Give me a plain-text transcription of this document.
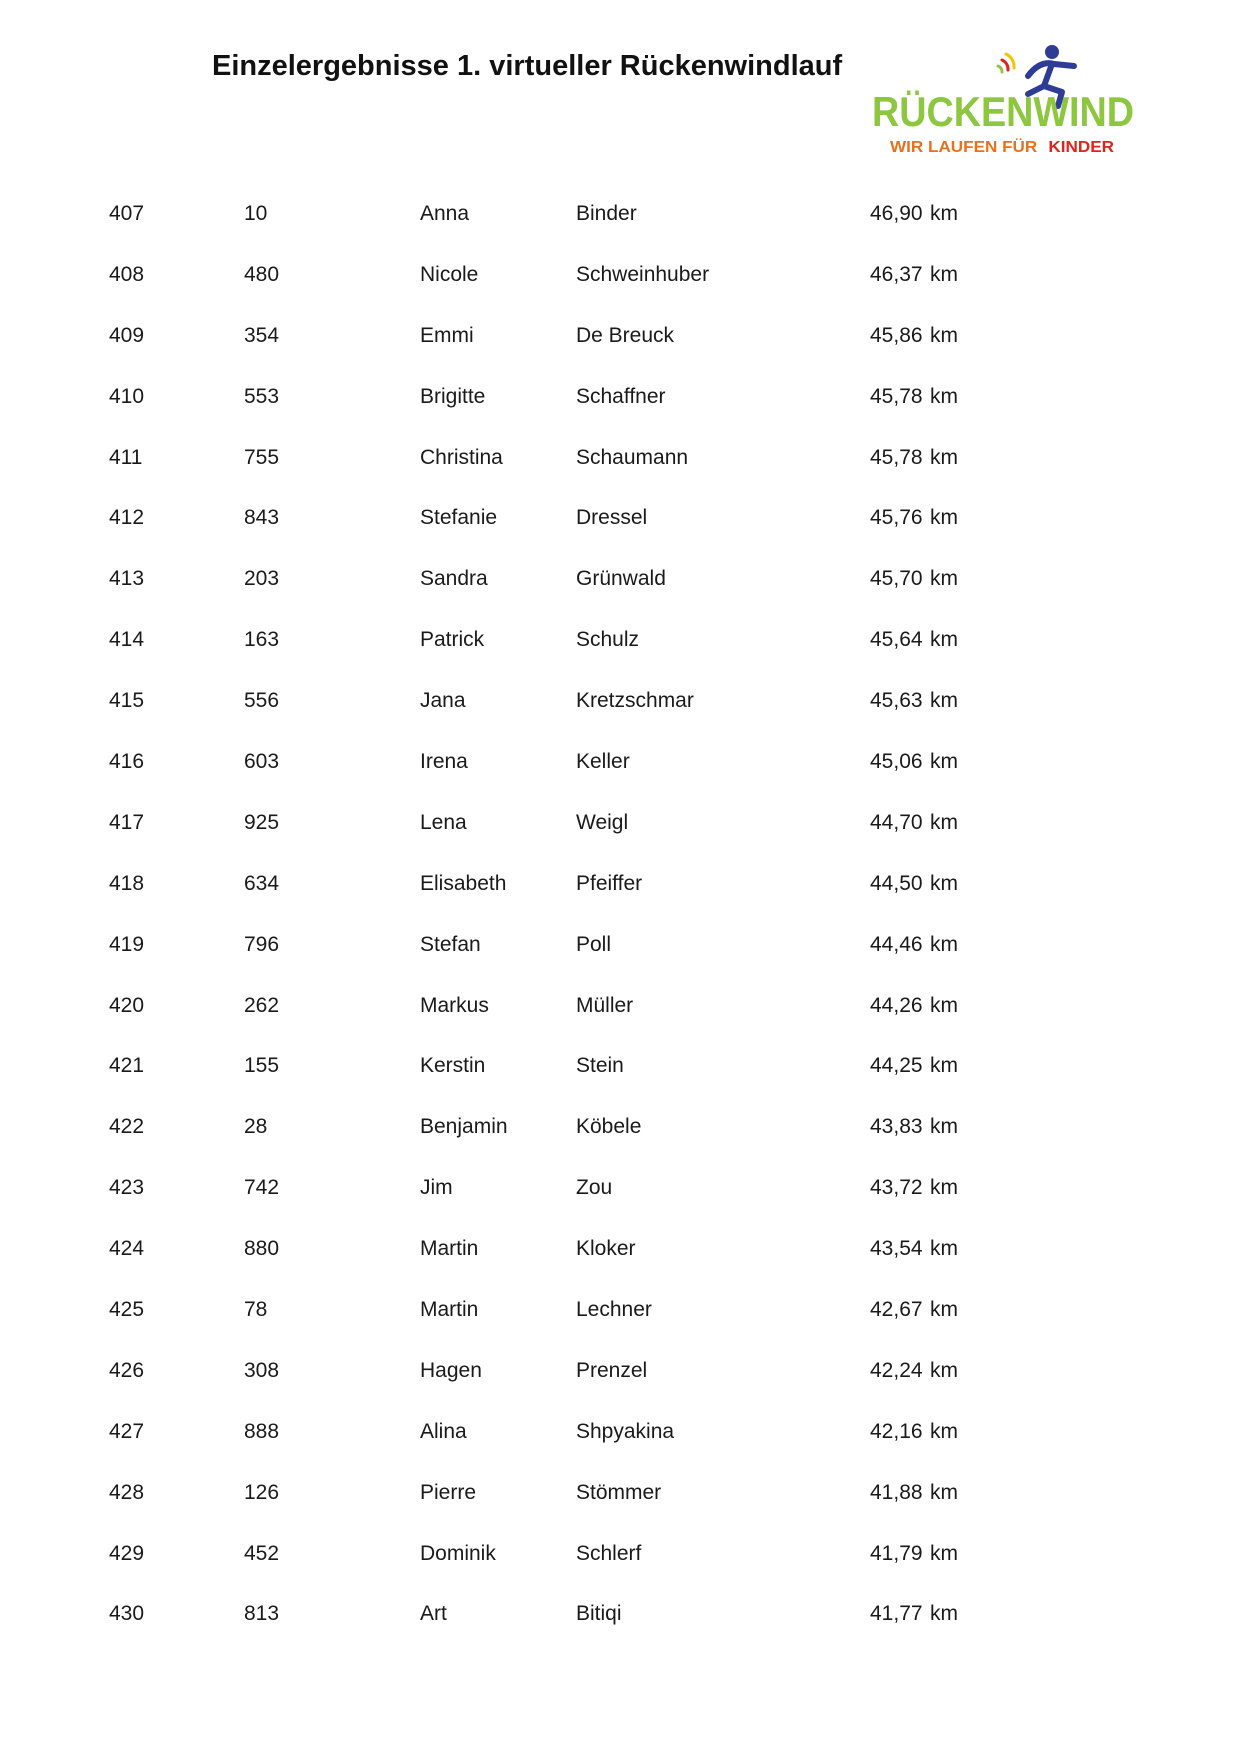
Einzelergebnisse 1. virtueller Rückenwindlauf
RÜCKENWIND
WIR LAUFEN FÜR KINDER
407	10	Anna	Binder	46,90 km
408	480	Nicole	Schweinhuber	46,37 km
409	354	Emmi	De Breuck	45,86 km
410	553	Brigitte	Schaffner	45,78 km
411	755	Christina	Schaumann	45,78 km
412	843	Stefanie	Dressel	45,76 km
413	203	Sandra	Grünwald	45,70 km
414	163	Patrick	Schulz	45,64 km
415	556	Jana	Kretzschmar	45,63 km
416	603	Irena	Keller	45,06 km
417	925	Lena	Weigl	44,70 km
418	634	Elisabeth	Pfeiffer	44,50 km
419	796	Stefan	Poll	44,46 km
420	262	Markus	Müller	44,26 km
421	155	Kerstin	Stein	44,25 km
422	28	Benjamin	Köbele	43,83 km
423	742	Jim	Zou	43,72 km
424	880	Martin	Kloker	43,54 km
425	78	Martin	Lechner	42,67 km
426	308	Hagen	Prenzel	42,24 km
427	888	Alina	Shpyakina	42,16 km
428	126	Pierre	Stömmer	41,88 km
429	452	Dominik	Schlerf	41,79 km
430	813	Art	Bitiqi	41,77 km
